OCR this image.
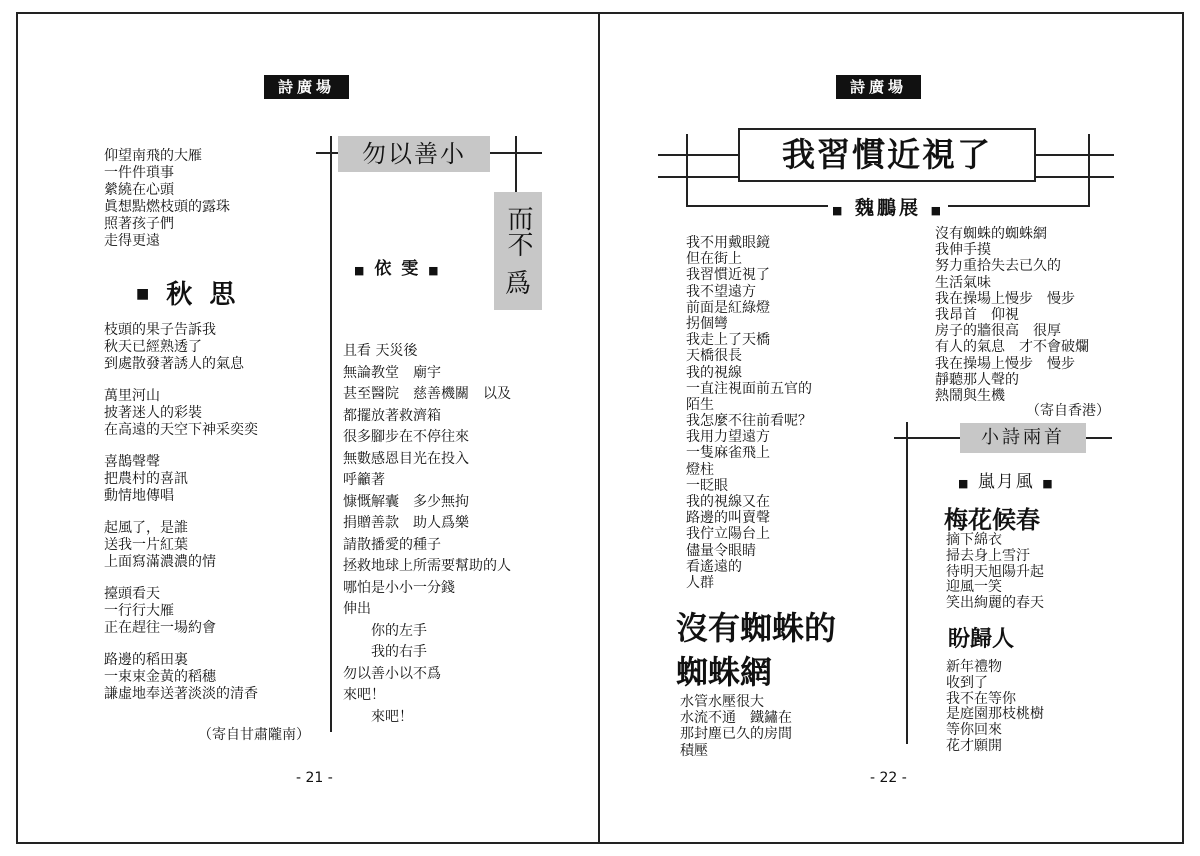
詩廣場
仰望南飛的大雁
一件件瑣事
縈繞在心頭
眞想點燃枝頭的露珠
照著孩子們
走得更遠
■ 秋 思
枝頭的果子告訴我
秋天已經熟透了
到處散發著誘人的氣息
萬里河山
披著迷人的彩裝
在高遠的天空下神采奕奕
喜鵲聲聲
把農村的喜訊
動情地傳唱
起風了，是誰
送我一片紅葉
上面寫滿濃濃的情
擡頭看天
一行行大雁
正在趕往一場約會
路邊的稻田裏
一束束金黃的稻穗
謙虛地奉送著淡淡的清香
（寄自甘肅隴南）
勿以善小
而不
爲
■ 依 雯 ■
且看 天災後
無論教堂　廟宇
甚至醫院　慈善機關　以及
都擺放著救濟箱
很多腳步在不停往來
無數感恩目光在投入
呼籲著
慷慨解囊　多少無拘
捐贈善款　助人爲樂
請散播愛的種子
拯救地球上所需要幫助的人
哪怕是小小一分錢
伸出
　　你的左手
　　我的右手
勿以善小以不爲
來吧！
　　來吧！
- 21 -
詩廣場
我習慣近視了
■ 魏鵬展 ■
我不用戴眼鏡
但在街上
我習慣近視了
我不望遠方
前面是紅綠燈
拐個彎
我走上了天橋
天橋很長
我的視線
一直注視面前五官的
陌生
我怎麼不往前看呢？
我用力望遠方
一隻麻雀飛上
燈柱
一眨眼
我的視線又在
路邊的叫賣聲
我佇立陽台上
儘量令眼睛
看遙遠的
人群
沒有蜘蛛的
蜘蛛網
水管水壓很大
水流不通　鐵鏽在
那封塵已久的房間
積壓
沒有蜘蛛的蜘蛛網
我伸手摸
努力重拾失去已久的
生活氣味
我在操場上慢步　慢步
我昂首　仰視
房子的牆很高　很厚
有人的氣息　才不會破爛
我在操場上慢步　慢步
靜聽那人聲的
熱鬧與生機
（寄自香港）
小詩兩首
■ 嵐月風 ■
梅花候春
摘下綿衣
掃去身上雪汙
待明天旭陽升起
迎風一笑
笑出絢麗的春天
盼歸人
新年禮物
收到了
我不在等你
是庭園那枝桃樹
等你回來
花才願開
- 22 -
